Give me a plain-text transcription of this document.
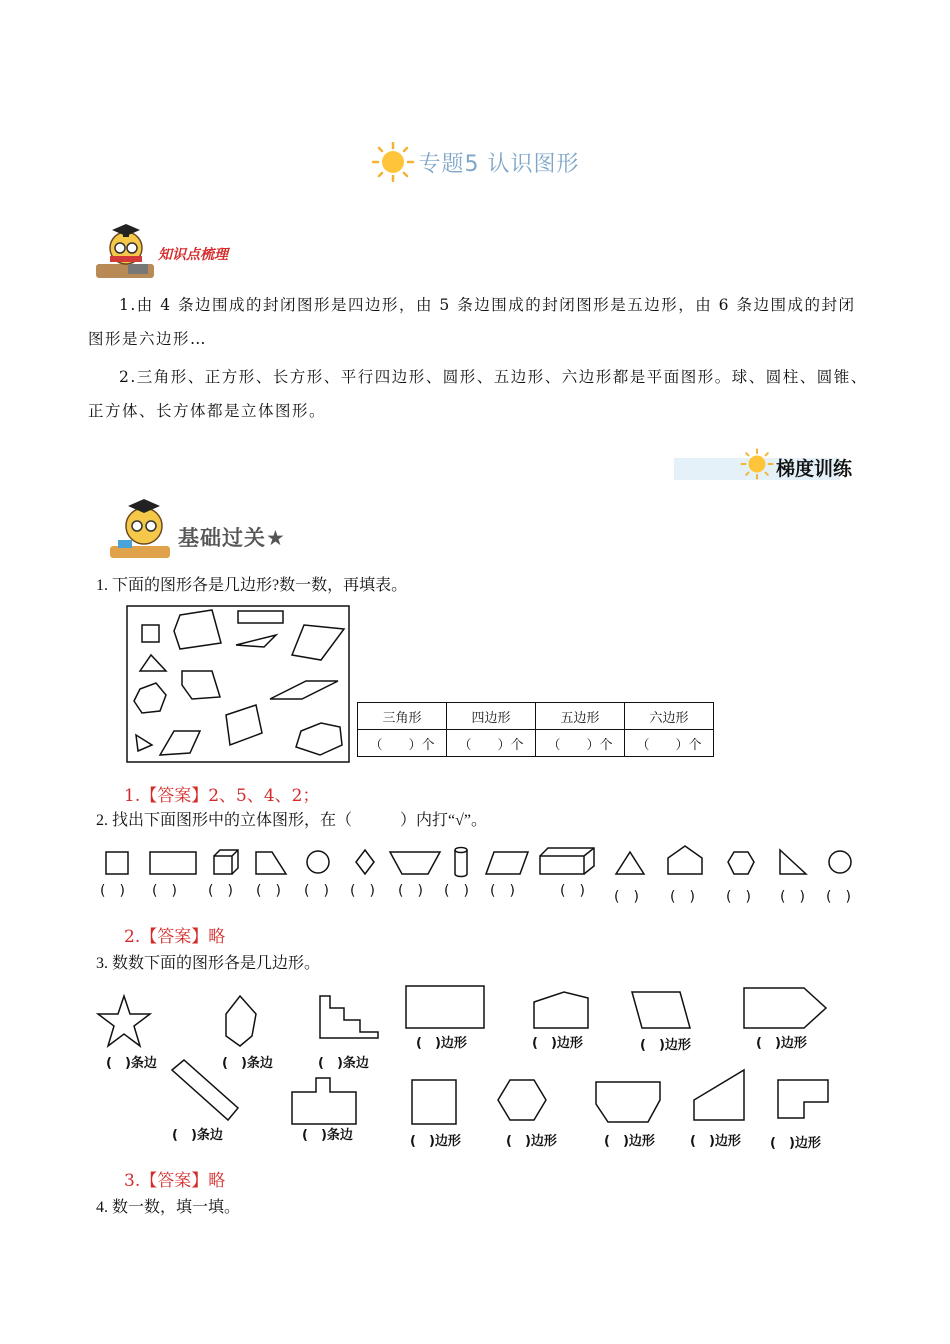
专题5 认识图形
知识点梳理
1.由 4 条边围成的封闭图形是四边形，由 5 条边围成的封闭图形是五边形，由 6 条边围成的封闭图形是六边形…
2.三角形、正方形、长方形、平行四边形、圆形、五边形、六边形都是平面图形。球、圆柱、圆锥、正方体、长方体都是立体图形。
梯度训练
基础过关★
1. 下面的图形各是几边形?数一数，再填表。
三角形	四边形	五边形	六边形
（　　）个	（　　）个	（　　）个	（　　）个
1.【答案】2、5、4、2；
2. 找出下面图形中的立体图形，在（　　　）内打“√”。
(　) (　) (　) (　) (　) (　) (　) (　) (　)	(　) (　) (　) (　) (　) (　)
2.【答案】略
3. 数数下面的图形各是几边形。
(　)条边	(　)条边	(　)条边
(　)边形	(　)边形	(　)边形	(　)边形
(　)条边	(　)条边	(　)边形	(　)边形	(　)边形	(　)边形 (　)边形
3.【答案】略
4. 数一数，填一填。
